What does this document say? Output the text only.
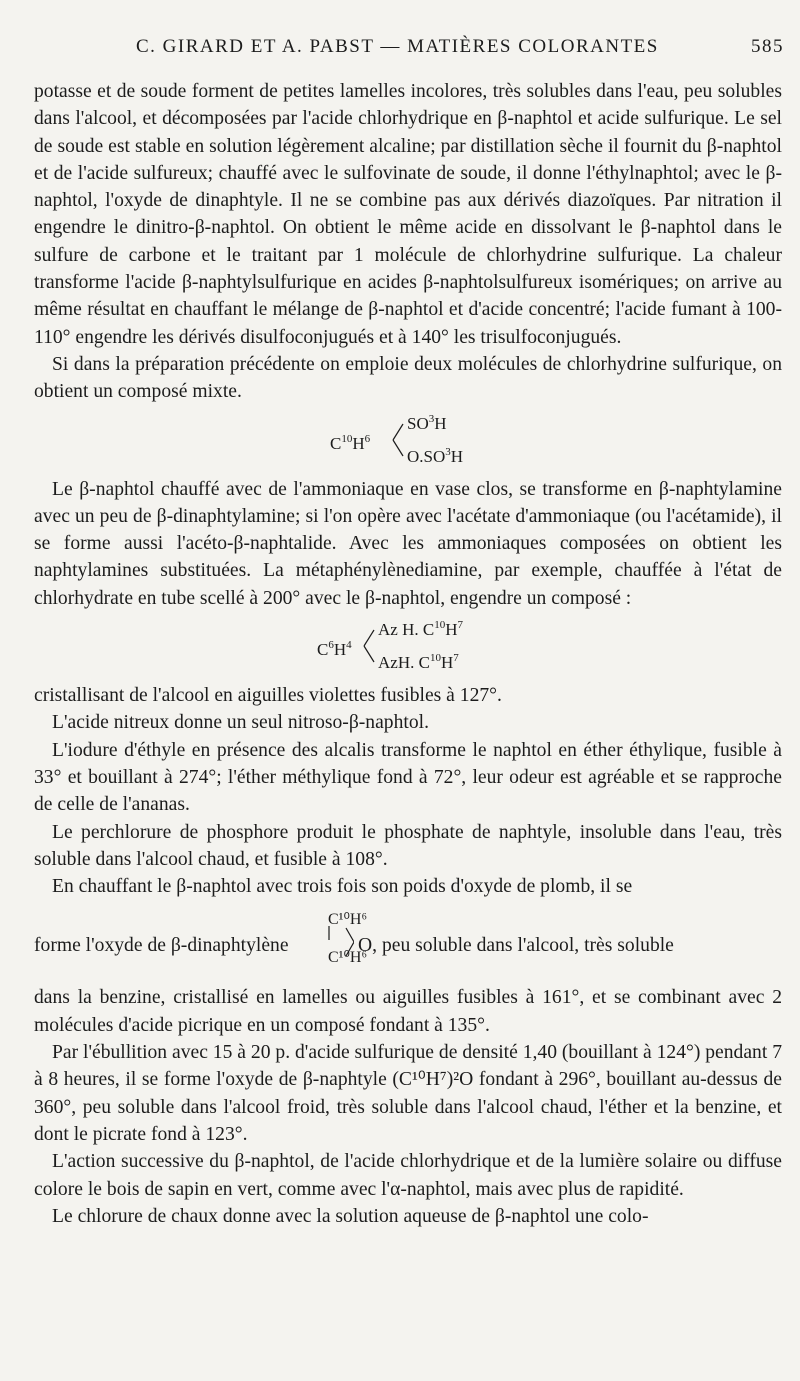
C. GIRARD ET A. PABST — MATIÈRES COLORANTES	585

potasse et de soude forment de petites lamelles incolores, très solubles dans l'eau, peu solubles dans l'alcool, et décomposées par l'acide chlorhydrique en β-naphtol et acide sulfurique. Le sel de soude est stable en solution légèrement alcaline; par distillation sèche il fournit du β-naphtol et de l'acide sulfureux; chauffé avec le sulfovinate de soude, il donne l'éthylnaphtol; avec le β-naphtol, l'oxyde de dinaphtyle. Il ne se combine pas aux dérivés diazoïques. Par nitration il engendre le dinitro-β-naphtol. On obtient le même acide en dissolvant le β-naphtol dans le sulfure de carbone et le traitant par 1 molécule de chlorhydrine sulfurique. La chaleur transforme l'acide β-naphtylsulfurique en acides β-naphtolsulfureux isomériques; on arrive au même résultat en chauffant le mélange de β-naphtol et d'acide concentré; l'acide fumant à 100-110° engendre les dérivés disulfoconjugués et à 140° les trisulfoconjugués.

Si dans la préparation précédente on emploie deux molécules de chlorhydrine sulfurique, on obtient un composé mixte.

$C^{10}H^6$
$SO^3H$
$O.SO^3H$

Le β-naphtol chauffé avec de l'ammoniaque en vase clos, se transforme en β-naphtylamine avec un peu de β-dinaphtylamine; si l'on opère avec l'acétate d'ammoniaque (ou l'acétamide), il se forme aussi l'acéto-β-naphtalide. Avec les ammoniaques composées on obtient les naphtylamines substituées. La métaphénylènediamine, par exemple, chauffée à l'état de chlorhydrate en tube scellé à 200° avec le β-naphtol, engendre un composé :

$C^6H^4$
Az H. $C^{10}H^7$
AzH. $C^{10}H^7$

cristallisant de l'alcool en aiguilles violettes fusibles à 127°.

L'acide nitreux donne un seul nitroso-β-naphtol.

L'iodure d'éthyle en présence des alcalis transforme le naphtol en éther éthylique, fusible à 33° et bouillant à 274°; l'éther méthylique fond à 72°, leur odeur est agréable et se rapproche de celle de l'ananas.

Le perchlorure de phosphore produit le phosphate de naphtyle, insoluble dans l'eau, très soluble dans l'alcool chaud, et fusible à 108°.

En chauffant le β-naphtol avec trois fois son poids d'oxyde de plomb, il se

forme l'oxyde de β-dinaphtylène
C¹⁰H⁶
C¹⁰H⁶
O, peu soluble dans l'alcool, très soluble

dans la benzine, cristallisé en lamelles ou aiguilles fusibles à 161°, et se combinant avec 2 molécules d'acide picrique en un composé fondant à 135°.

Par l'ébullition avec 15 à 20 p. d'acide sulfurique de densité 1,40 (bouillant à 124°) pendant 7 à 8 heures, il se forme l'oxyde de β-naphtyle (C¹⁰H⁷)²O fondant à 296°, bouillant au-dessus de 360°, peu soluble dans l'alcool froid, très soluble dans l'alcool chaud, l'éther et la benzine, et dont le picrate fond à 123°.

L'action successive du β-naphtol, de l'acide chlorhydrique et de la lumière solaire ou diffuse colore le bois de sapin en vert, comme avec l'α-naphtol, mais avec plus de rapidité.

Le chlorure de chaux donne avec la solution aqueuse de β-naphtol une colo-
